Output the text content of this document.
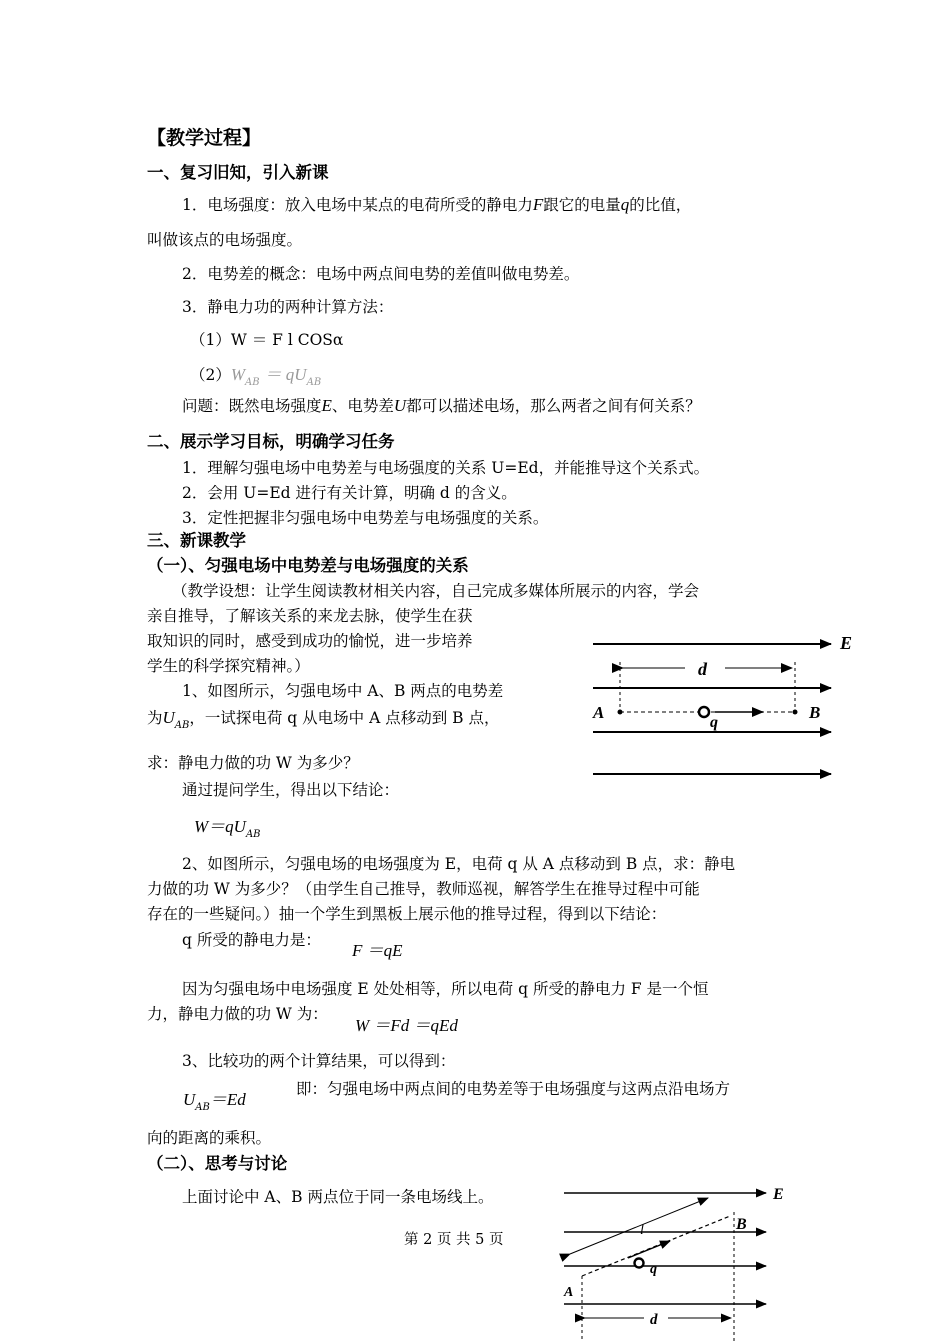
【教学过程】
一、复习旧知，引入新课
1．电场强度：放入电场中某点的电荷所受的静电力F跟它的电量q的比值，
叫做该点的电场强度。
2．电势差的概念：电场中两点间电势的差值叫做电势差。
3．静电力功的两种计算方法：
（1）W ＝ F l COSα
$(2)W_{AB} = qU_{AB}$
问题：既然电场强度E、电势差U都可以描述电场，那么两者之间有何关系？
二、展示学习目标，明确学习任务
1．理解匀强电场中电势差与电场强度的关系 U=Ed，并能推导这个关系式。
2．会用 U=Ed 进行有关计算，明确 d 的含义。
3．定性把握非匀强电场中电势差与电场强度的关系。
三、新课教学
（一）、匀强电场中电势差与电场强度的关系
（教学设想：让学生阅读教材相关内容，自己完成多媒体所展示的内容，学会
亲自推导，了解该关系的来龙去脉，使学生在获
取知识的同时，感受到成功的愉悦，进一步培养
学生的科学探究精神。）
1、如图所示，匀强电场中 A、B 两点的电势差
为$U_{AB}$，一试探电荷 q 从电场中 A 点移动到 B 点，
求：静电力做的功 W 为多少？
通过提问学生，得出以下结论：
$W=qU_{AB}$
2、如图所示，匀强电场的电场强度为 E，电荷 q 从 A 点移动到 B 点，求：静电
力做的功 W 为多少？（由学生自己推导，教师巡视，解答学生在推导过程中可能
存在的一些疑问。）抽一个学生到黑板上展示他的推导过程，得到以下结论：
q 所受的静电力是：
F ＝qE
因为匀强电场中电场强度 E 处处相等，所以电荷 q 所受的静电力 F 是一个恒
力，静电力做的功 W 为：
W ＝Fd ＝qEd
3、比较功的两个计算结果，可以得到：
$U_{AB}=Ed$
即：匀强电场中两点间的电势差等于电场强度与这两点沿电场方
向的距离的乘积。
（二）、思考与讨论
上面讨论中 A、B 两点位于同一条电场线上。
第 2 页 共 5 页
E
d
A	B
q
E
B
l
q
A
d
